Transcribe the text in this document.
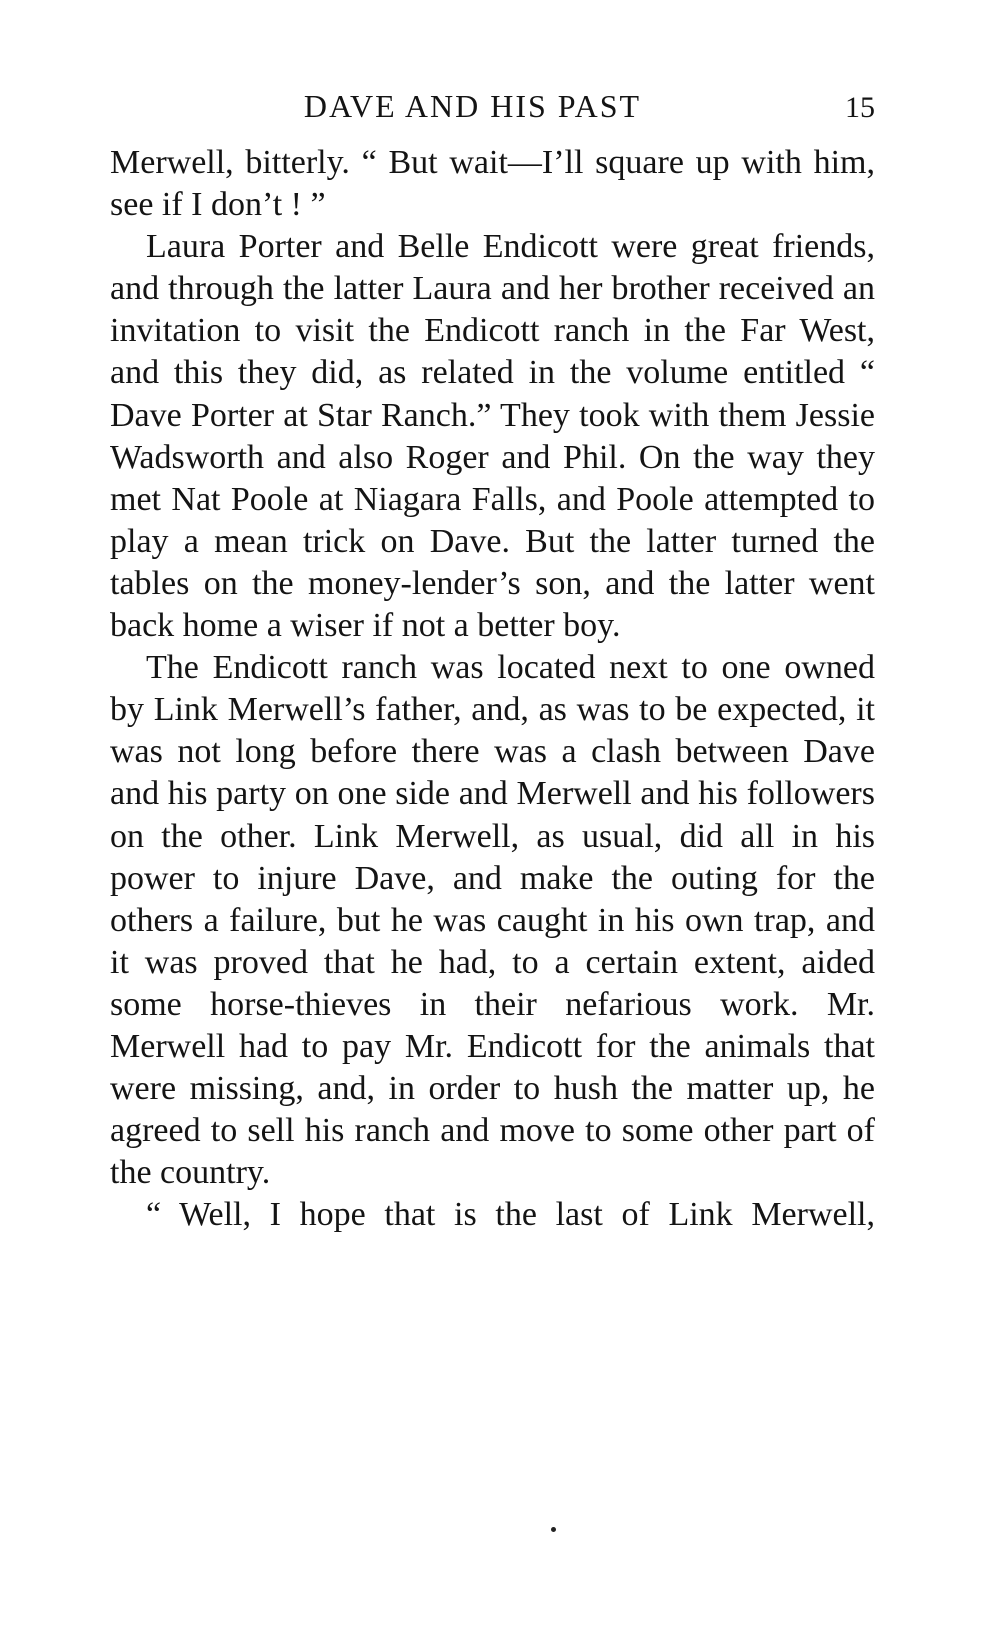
DAVE AND HIS PAST	15

Merwell, bitterly. “ But wait—I’ll square up with him, see if I don’t ! ”

Laura Porter and Belle Endicott were great friends, and through the latter Laura and her brother received an invitation to visit the Endicott ranch in the Far West, and this they did, as related in the volume entitled “ Dave Porter at Star Ranch.” They took with them Jessie Wadsworth and also Roger and Phil. On the way they met Nat Poole at Niagara Falls, and Poole attempted to play a mean trick on Dave. But the latter turned the tables on the money-lender’s son, and the latter went back home a wiser if not a better boy.

The Endicott ranch was located next to one owned by Link Merwell’s father, and, as was to be expected, it was not long before there was a clash between Dave and his party on one side and Merwell and his followers on the other. Link Merwell, as usual, did all in his power to injure Dave, and make the outing for the others a failure, but he was caught in his own trap, and it was proved that he had, to a certain extent, aided some horse-thieves in their nefarious work. Mr. Merwell had to pay Mr. Endicott for the animals that were missing, and, in order to hush the matter up, he agreed to sell his ranch and move to some other part of the country.

“ Well, I hope that is the last of Link Merwell,
